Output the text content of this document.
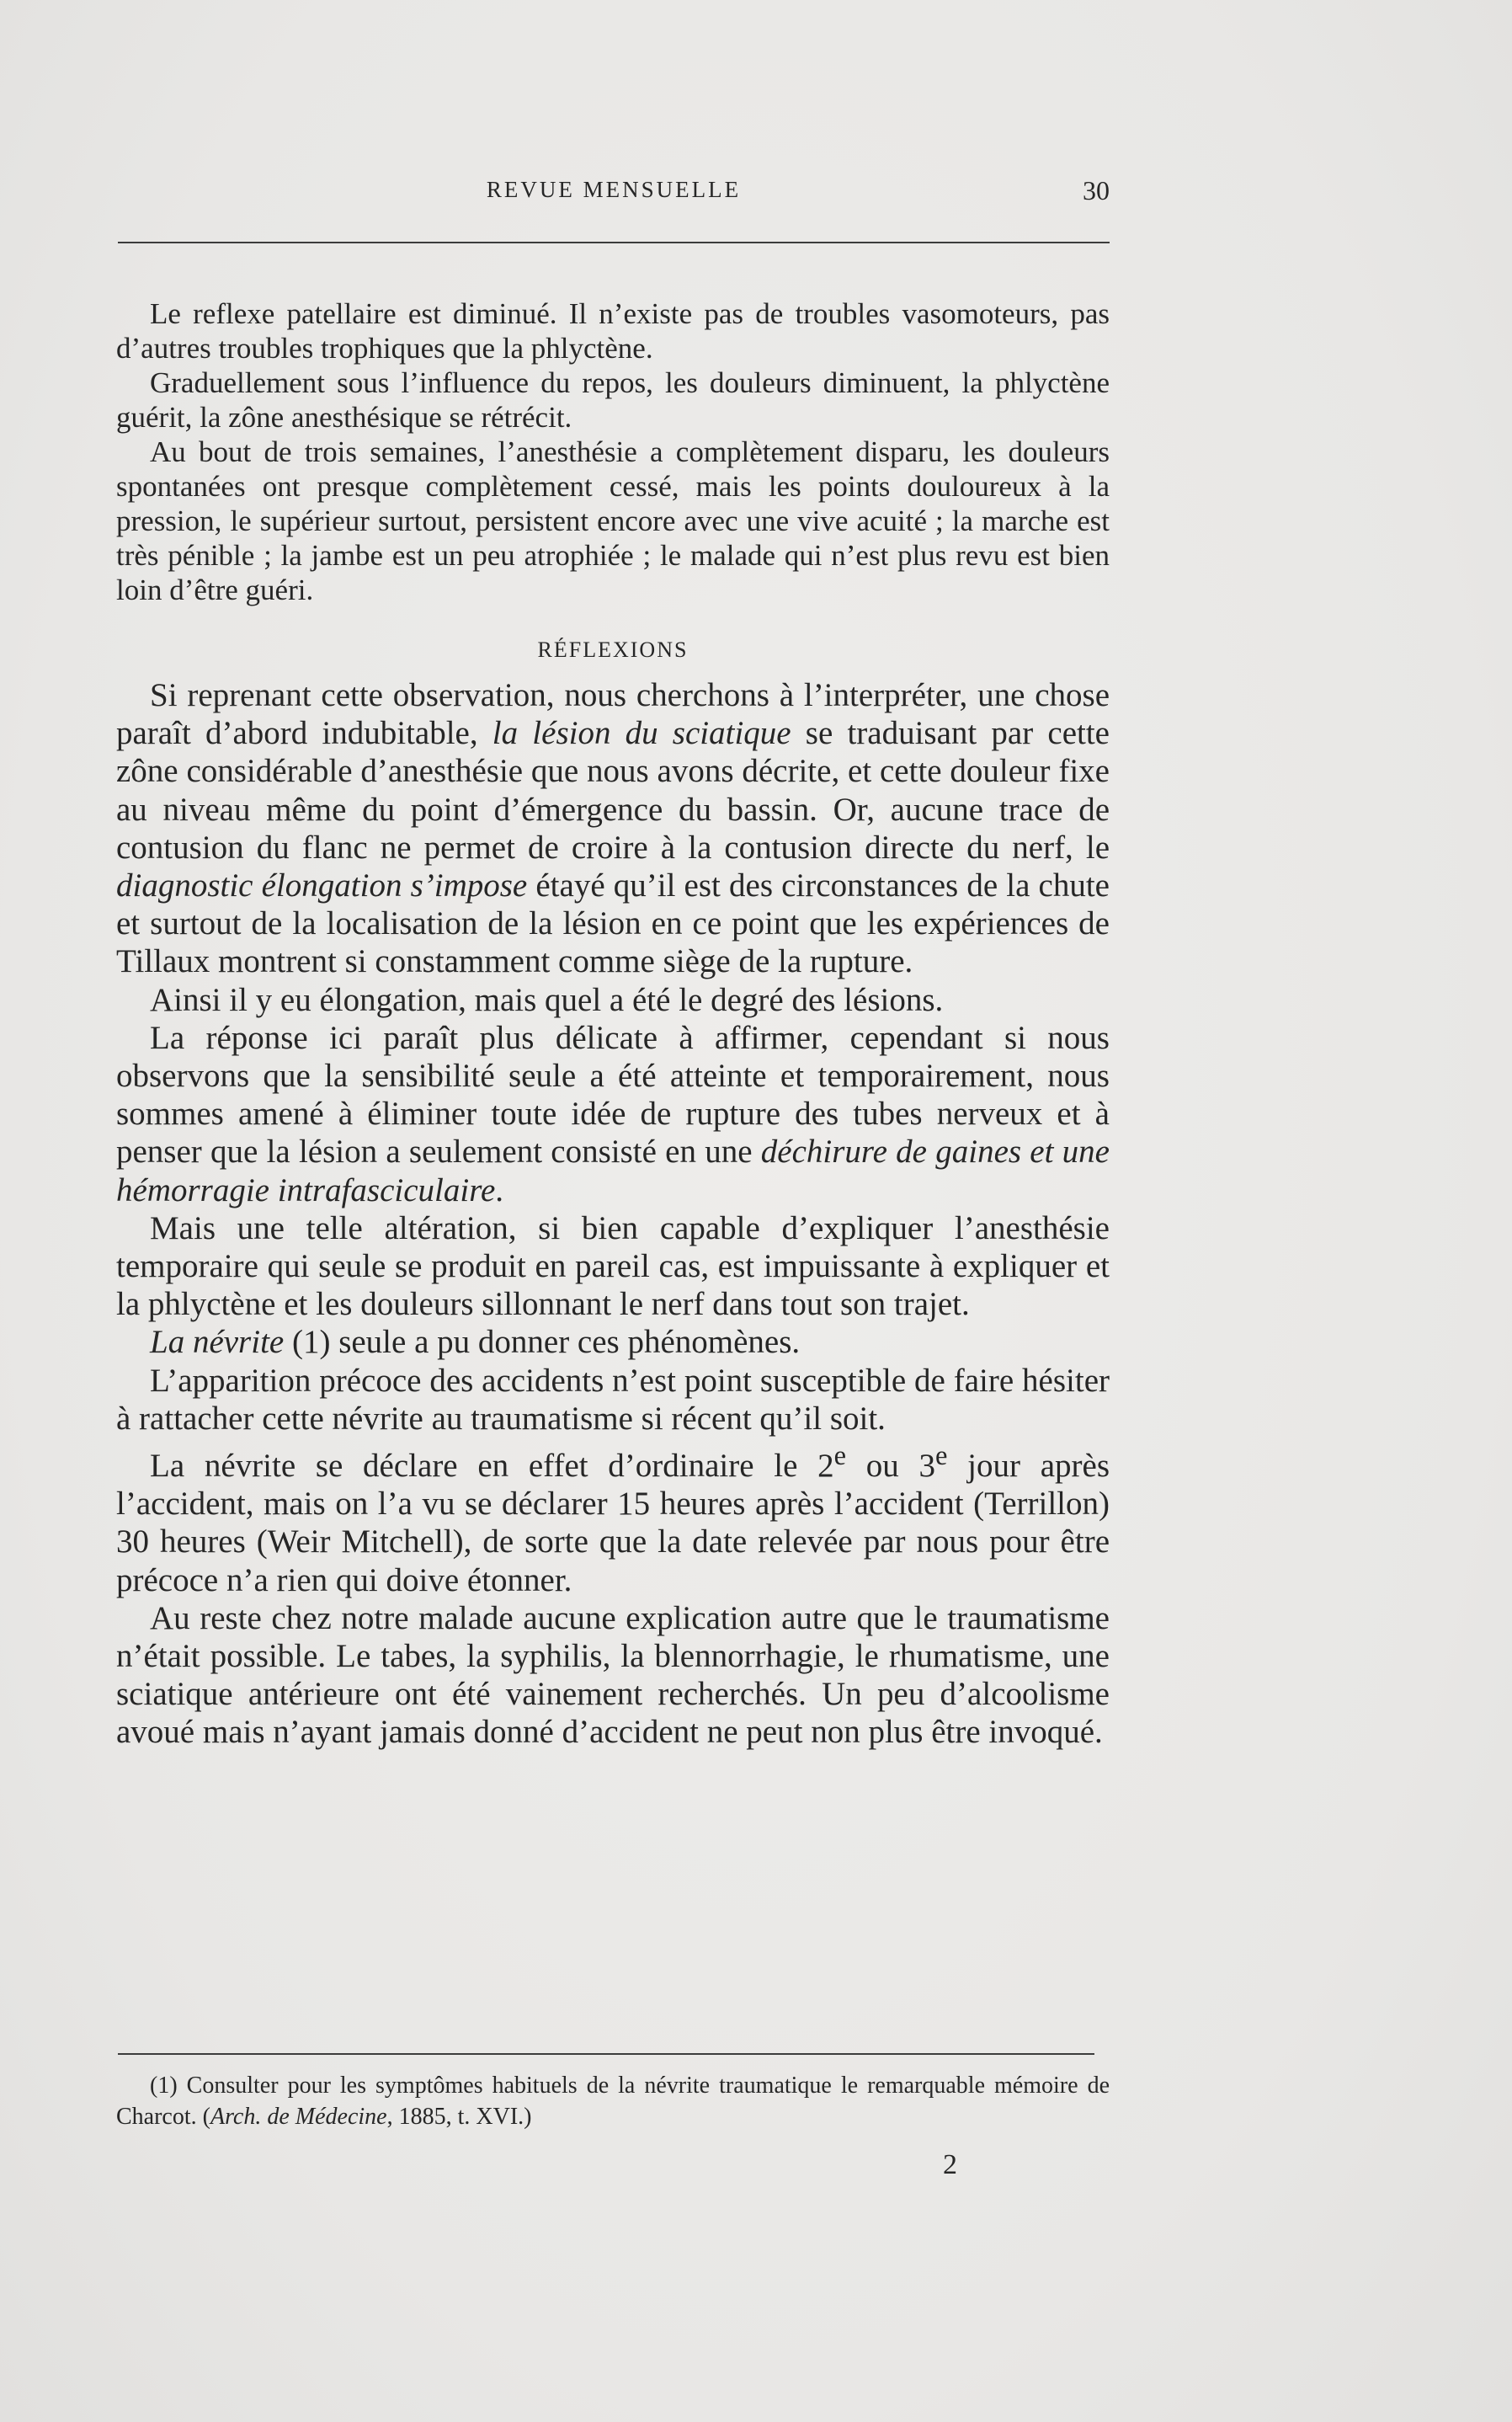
REVUE MENSUELLE	30

Le reflexe patellaire est diminué. Il n’existe pas de troubles vasomoteurs, pas d’autres troubles trophiques que la phlyctène.

Graduellement sous l’influence du repos, les douleurs diminuent, la phlyctène guérit, la zône anesthésique se rétrécit.

Au bout de trois semaines, l’anesthésie a complètement disparu, les douleurs spontanées ont presque complètement cessé, mais les points douloureux à la pression, le supérieur surtout, persistent encore avec une vive acuité ; la marche est très pénible ; la jambe est un peu atrophiée ; le malade qui n’est plus revu est bien loin d’être guéri.

RÉFLEXIONS

Si reprenant cette observation, nous cherchons à l’interpréter, une chose paraît d’abord indubitable, la lésion du sciatique se traduisant par cette zône considérable d’anesthésie que nous avons décrite, et cette douleur fixe au niveau même du point d’émergence du bassin. Or, aucune trace de contusion du flanc ne permet de croire à la contusion directe du nerf, le diagnostic élongation s’impose étayé qu’il est des circonstances de la chute et surtout de la localisation de la lésion en ce point que les expériences de Tillaux montrent si constamment comme siège de la rupture.

Ainsi il y eu élongation, mais quel a été le degré des lésions.

La réponse ici paraît plus délicate à affirmer, cependant si nous observons que la sensibilité seule a été atteinte et temporairement, nous sommes amené à éliminer toute idée de rupture des tubes nerveux et à penser que la lésion a seulement consisté en une déchirure de gaines et une hémorragie intrafasciculaire.

Mais une telle altération, si bien capable d’expliquer l’anesthésie temporaire qui seule se produit en pareil cas, est impuissante à expliquer et la phlyctène et les douleurs sillonnant le nerf dans tout son trajet.

La névrite (1) seule a pu donner ces phénomènes.

L’apparition précoce des accidents n’est point susceptible de faire hésiter à rattacher cette névrite au traumatisme si récent qu’il soit.

La névrite se déclare en effet d’ordinaire le 2e ou 3e jour après l’accident, mais on l’a vu se déclarer 15 heures après l’accident (Terrillon) 30 heures (Weir Mitchell), de sorte que la date relevée par nous pour être précoce n’a rien qui doive étonner.

Au reste chez notre malade aucune explication autre que le traumatisme n’était possible. Le tabes, la syphilis, la blennorrhagie, le rhumatisme, une sciatique antérieure ont été vainement recherchés. Un peu d’alcoolisme avoué mais n’ayant jamais donné d’accident ne peut non plus être invoqué.

(1) Consulter pour les symptômes habituels de la névrite traumatique le remarquable mémoire de Charcot. (Arch. de Médecine, 1885, t. XVI.)

2
